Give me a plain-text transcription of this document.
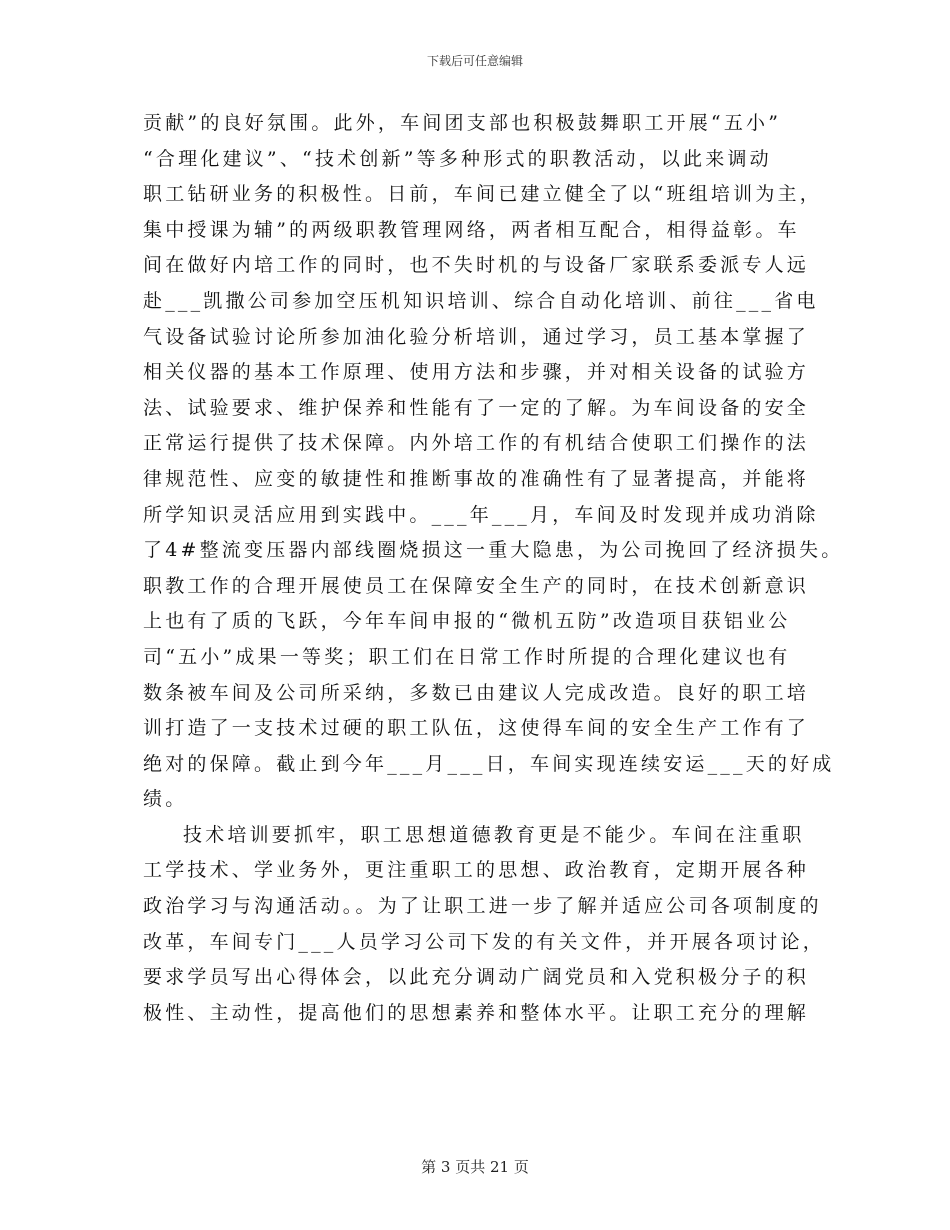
下载后可任意编辑
贡献”的良好氛围。此外，车间团支部也积极鼓舞职工开展“五小”
“合理化建议”、“技术创新”等多种形式的职教活动，以此来调动
职工钻研业务的积极性。日前，车间已建立健全了以“班组培训为主，
集中授课为辅”的两级职教管理网络，两者相互配合，相得益彰。车
间在做好内培工作的同时，也不失时机的与设备厂家联系委派专人远
赴___凯撒公司参加空压机知识培训、综合自动化培训、前往___省电
气设备试验讨论所参加油化验分析培训，通过学习，员工基本掌握了
相关仪器的基本工作原理、使用方法和步骤，并对相关设备的试验方
法、试验要求、维护保养和性能有了一定的了解。为车间设备的安全
正常运行提供了技术保障。内外培工作的有机结合使职工们操作的法
律规范性、应变的敏捷性和推断事故的准确性有了显著提高，并能将
所学知识灵活应用到实践中。___年___月，车间及时发现并成功消除
了4#整流变压器内部线圈烧损这一重大隐患，为公司挽回了经济损失。
职教工作的合理开展使员工在保障安全生产的同时，在技术创新意识
上也有了质的飞跃，今年车间申报的“微机五防”改造项目获铝业公
司“五小”成果一等奖；职工们在日常工作时所提的合理化建议也有
数条被车间及公司所采纳，多数已由建议人完成改造。良好的职工培
训打造了一支技术过硬的职工队伍，这使得车间的安全生产工作有了
绝对的保障。截止到今年___月___日，车间实现连续安运___天的好成
绩。
技术培训要抓牢，职工思想道德教育更是不能少。车间在注重职
工学技术、学业务外，更注重职工的思想、政治教育，定期开展各种
政治学习与沟通活动。。为了让职工进一步了解并适应公司各项制度的
改革，车间专门___人员学习公司下发的有关文件，并开展各项讨论，
要求学员写出心得体会，以此充分调动广阔党员和入党积极分子的积
极性、主动性，提高他们的思想素养和整体水平。让职工充分的理解
第 3 页共 21 页
